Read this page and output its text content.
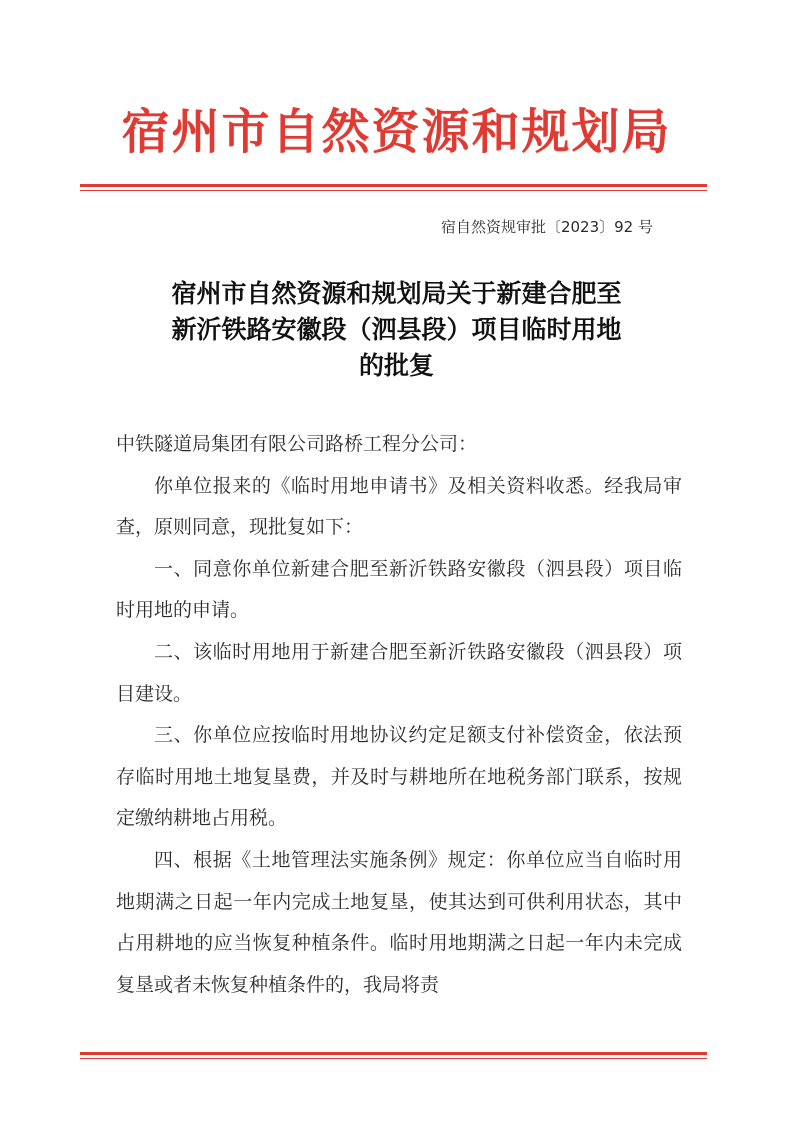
宿州市自然资源和规划局
宿自然资规审批〔2023〕92 号
宿州市自然资源和规划局关于新建合肥至
新沂铁路安徽段（泗县段）项目临时用地
的批复

中铁隧道局集团有限公司路桥工程分公司：

你单位报来的《临时用地申请书》及相关资料收悉。经我局审查，原则同意，现批复如下：

一、同意你单位新建合肥至新沂铁路安徽段（泗县段）项目临时用地的申请。

二、该临时用地用于新建合肥至新沂铁路安徽段（泗县段）项目建设。

三、你单位应按临时用地协议约定足额支付补偿资金，依法预存临时用地土地复垦费，并及时与耕地所在地税务部门联系，按规定缴纳耕地占用税。

四、根据《土地管理法实施条例》规定：你单位应当自临时用地期满之日起一年内完成土地复垦，使其达到可供利用状态，其中占用耕地的应当恢复种植条件。临时用地期满之日起一年内未完成复垦或者未恢复种植条件的，我局将责
